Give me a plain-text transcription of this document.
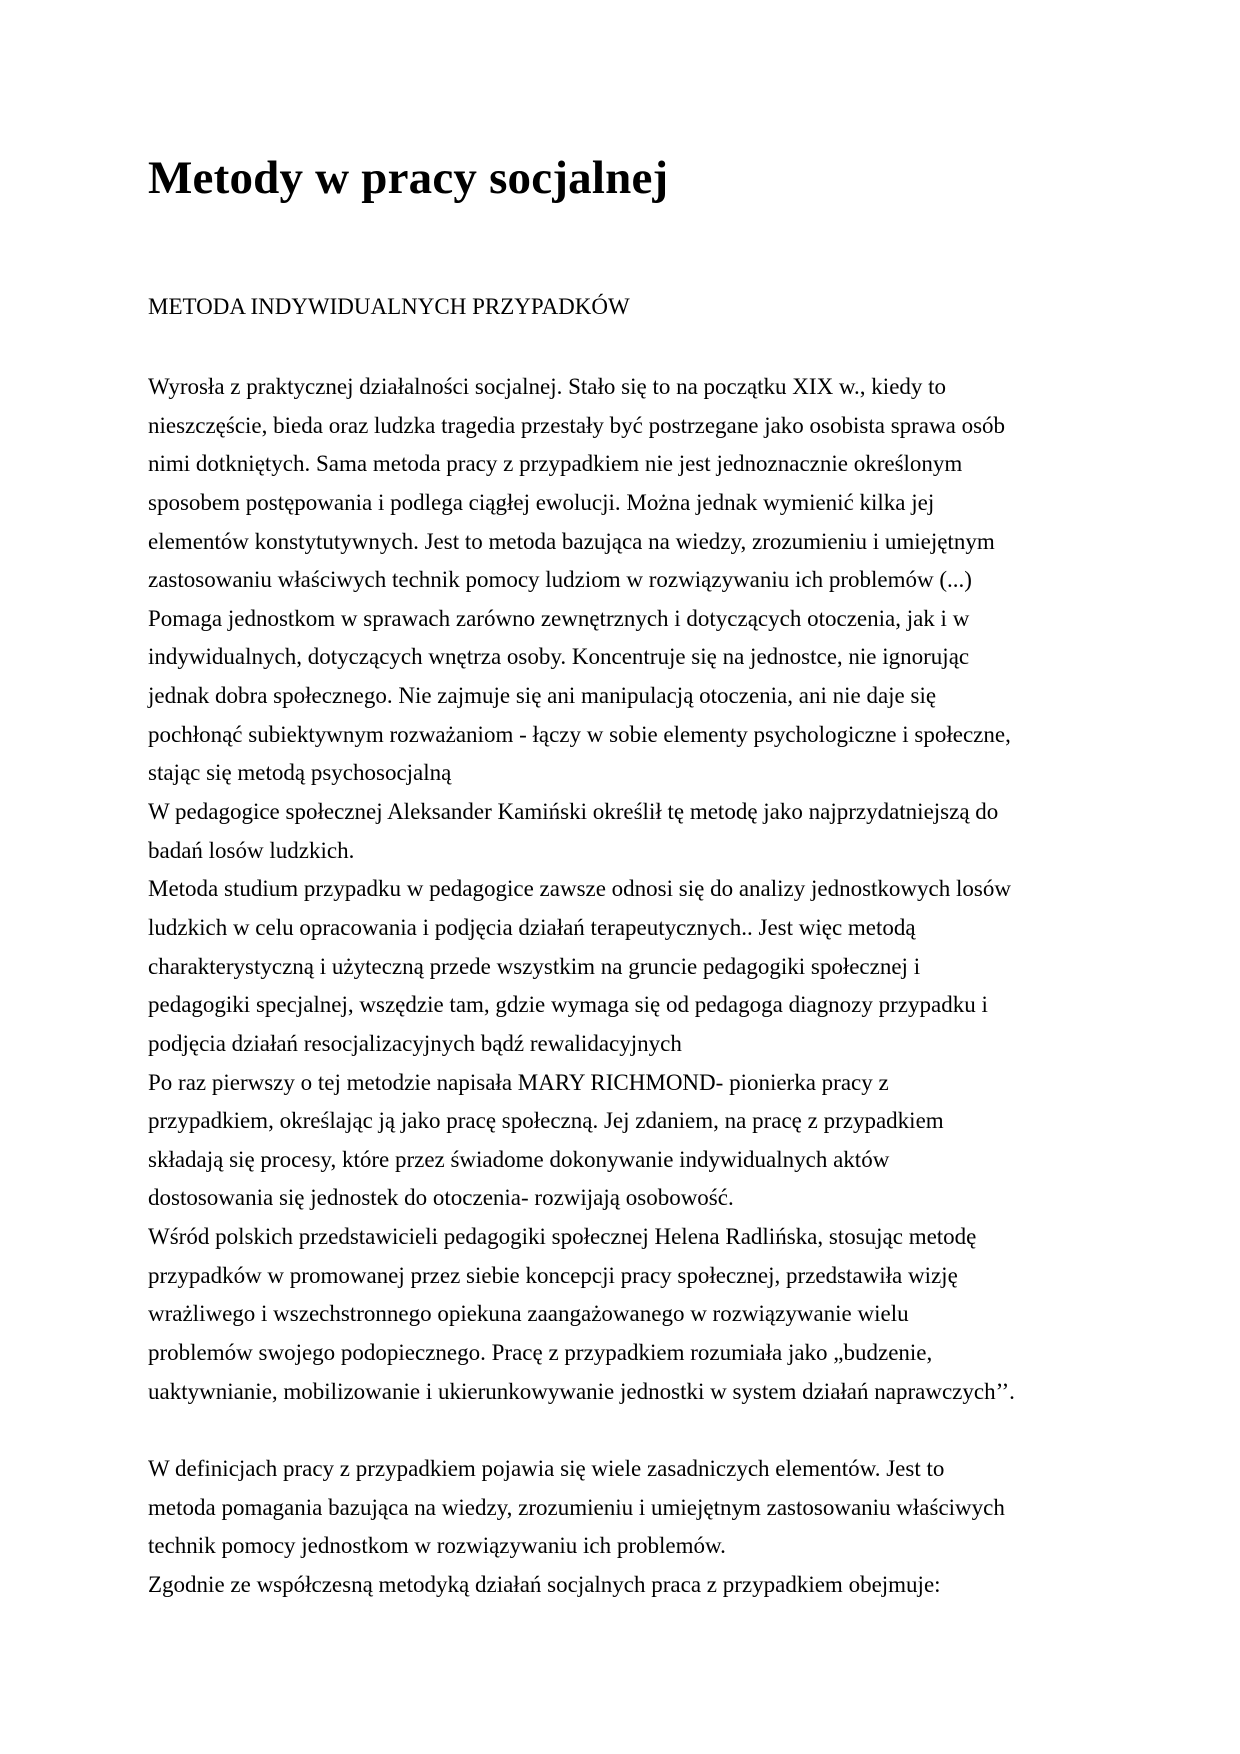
Metody w pracy socjalnej
METODA INDYWIDUALNYCH PRZYPADKÓW
Wyrosła z praktycznej działalności socjalnej. Stało się to na początku XIX w., kiedy to
nieszczęście, bieda oraz ludzka tragedia przestały być postrzegane jako osobista sprawa osób
nimi dotkniętych. Sama metoda pracy z przypadkiem nie jest jednoznacznie określonym
sposobem postępowania i podlega ciągłej ewolucji. Można jednak wymienić kilka jej
elementów konstytutywnych. Jest to metoda bazująca na wiedzy, zrozumieniu i umiejętnym
zastosowaniu właściwych technik pomocy ludziom w rozwiązywaniu ich problemów (...)
Pomaga jednostkom w sprawach zarówno zewnętrznych i dotyczących otoczenia, jak i w
indywidualnych, dotyczących wnętrza osoby. Koncentruje się na jednostce, nie ignorując
jednak dobra społecznego. Nie zajmuje się ani manipulacją otoczenia, ani nie daje się
pochłonąć subiektywnym rozważaniom - łączy w sobie elementy psychologiczne i społeczne,
stając się metodą psychosocjalną
W pedagogice społecznej Aleksander Kamiński określił tę metodę jako najprzydatniejszą do
badań losów ludzkich.
Metoda studium przypadku w pedagogice zawsze odnosi się do analizy jednostkowych losów
ludzkich w celu opracowania i podjęcia działań terapeutycznych.. Jest więc metodą
charakterystyczną i użyteczną przede wszystkim na gruncie pedagogiki społecznej i
pedagogiki specjalnej, wszędzie tam, gdzie wymaga się od pedagoga diagnozy przypadku i
podjęcia działań resocjalizacyjnych bądź rewalidacyjnych
Po raz pierwszy o tej metodzie napisała MARY RICHMOND- pionierka pracy z
przypadkiem, określając ją jako pracę społeczną. Jej zdaniem, na pracę z przypadkiem
składają się procesy, które przez świadome dokonywanie indywidualnych aktów
dostosowania się jednostek do otoczenia- rozwijają osobowość.
Wśród polskich przedstawicieli pedagogiki społecznej Helena Radlińska, stosując metodę
przypadków w promowanej przez siebie koncepcji pracy społecznej, przedstawiła wizję
wrażliwego i wszechstronnego opiekuna zaangażowanego w rozwiązywanie wielu
problemów swojego podopiecznego. Pracę z przypadkiem rozumiała jako „budzenie,
uaktywnianie, mobilizowanie i ukierunkowywanie jednostki w system działań naprawczych’’.
W definicjach pracy z przypadkiem pojawia się wiele zasadniczych elementów. Jest to
metoda pomagania bazująca na wiedzy, zrozumieniu i umiejętnym zastosowaniu właściwych
technik pomocy jednostkom w rozwiązywaniu ich problemów.
Zgodnie ze współczesną metodyką działań socjalnych praca z przypadkiem obejmuje:
